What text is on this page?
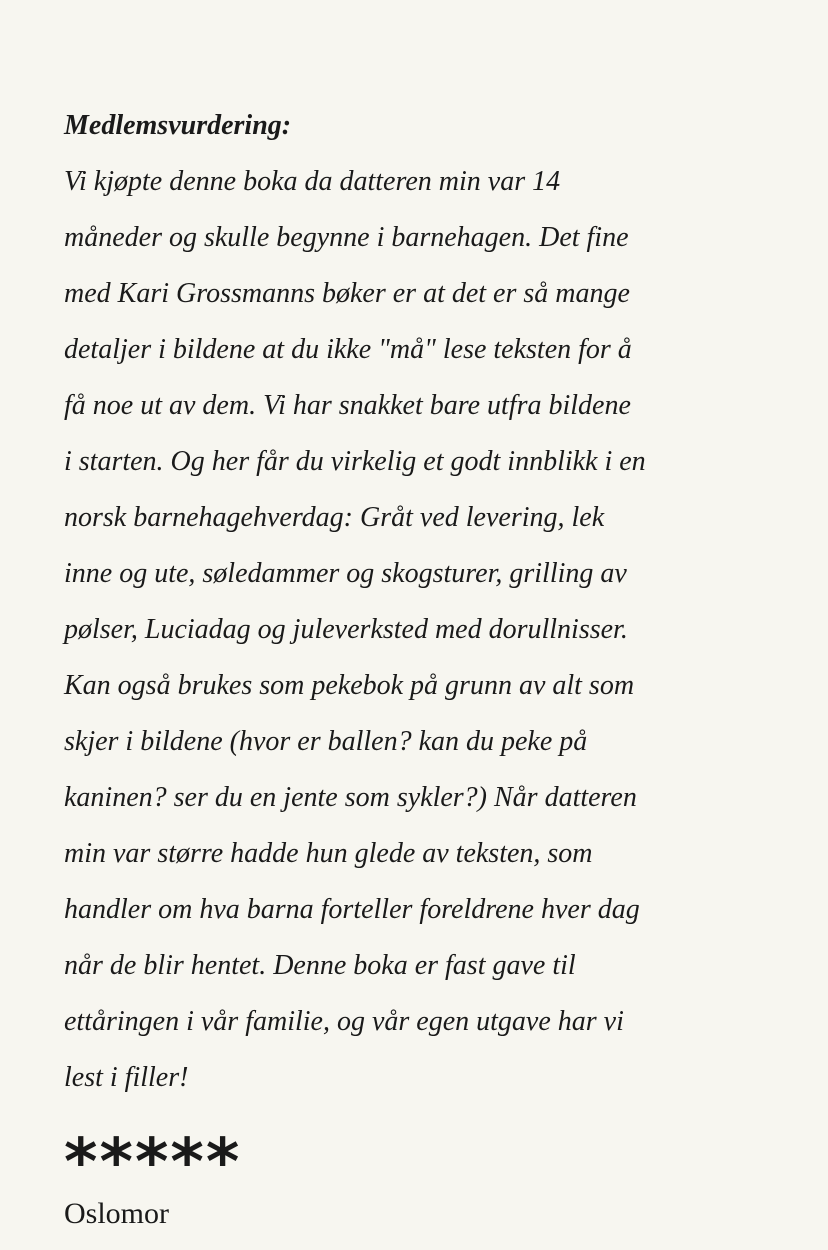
Medlemsvurdering:

Vi kjøpte denne boka da datteren min var 14
måneder og skulle begynne i barnehagen. Det fine
med Kari Grossmanns bøker er at det er så mange
detaljer i bildene at du ikke "må" lese teksten for å
få noe ut av dem. Vi har snakket bare utfra bildene
i starten. Og her får du virkelig et godt innblikk i en
norsk barnehagehverdag: Gråt ved levering, lek
inne og ute, søledammer og skogsturer, grilling av
pølser, Luciadag og juleverksted med dorullnisser.
Kan også brukes som pekebok på grunn av alt som
skjer i bildene (hvor er ballen? kan du peke på
kaninen? ser du en jente som sykler?) Når datteren
min var større hadde hun glede av teksten, som
handler om hva barna forteller foreldrene hver dag
når de blir hentet. Denne boka er fast gave til
ettåringen i vår familie, og vår egen utgave har vi
lest i filler!

*****
Oslomor
